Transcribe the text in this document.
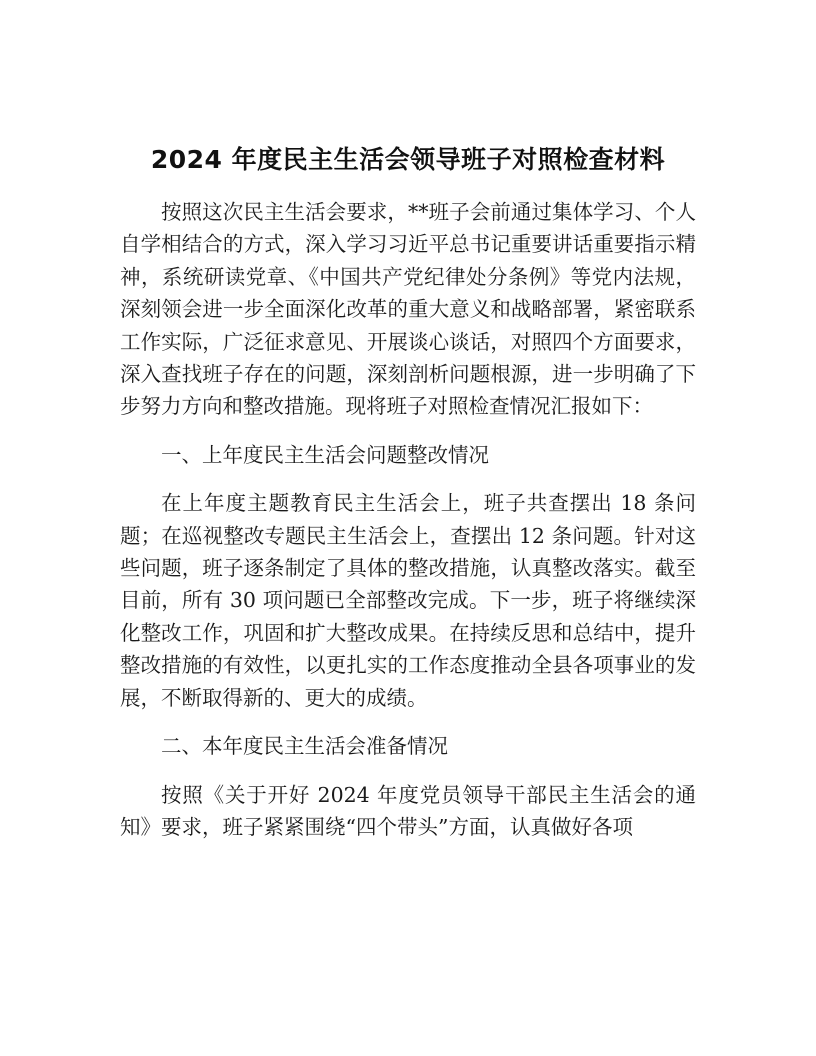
2024 年度民主生活会领导班子对照检查材料

按照这次民主生活会要求，**班子会前通过集体学习、个人自学相结合的方式，深入学习习近平总书记重要讲话重要指示精神，系统研读党章、《中国共产党纪律处分条例》等党内法规，深刻领会进一步全面深化改革的重大意义和战略部署，紧密联系工作实际，广泛征求意见、开展谈心谈话，对照四个方面要求，深入查找班子存在的问题，深刻剖析问题根源，进一步明确了下步努力方向和整改措施。现将班子对照检查情况汇报如下：

一、上年度民主生活会问题整改情况

在上年度主题教育民主生活会上，班子共查摆出 18 条问题；在巡视整改专题民主生活会上，查摆出 12 条问题。针对这些问题，班子逐条制定了具体的整改措施，认真整改落实。截至目前，所有 30 项问题已全部整改完成。下一步，班子将继续深化整改工作，巩固和扩大整改成果。在持续反思和总结中，提升整改措施的有效性，以更扎实的工作态度推动全县各项事业的发展，不断取得新的、更大的成绩。

二、本年度民主生活会准备情况

按照《关于开好 2024 年度党员领导干部民主生活会的通知》要求，班子紧紧围绕“四个带头”方面，认真做好各项
